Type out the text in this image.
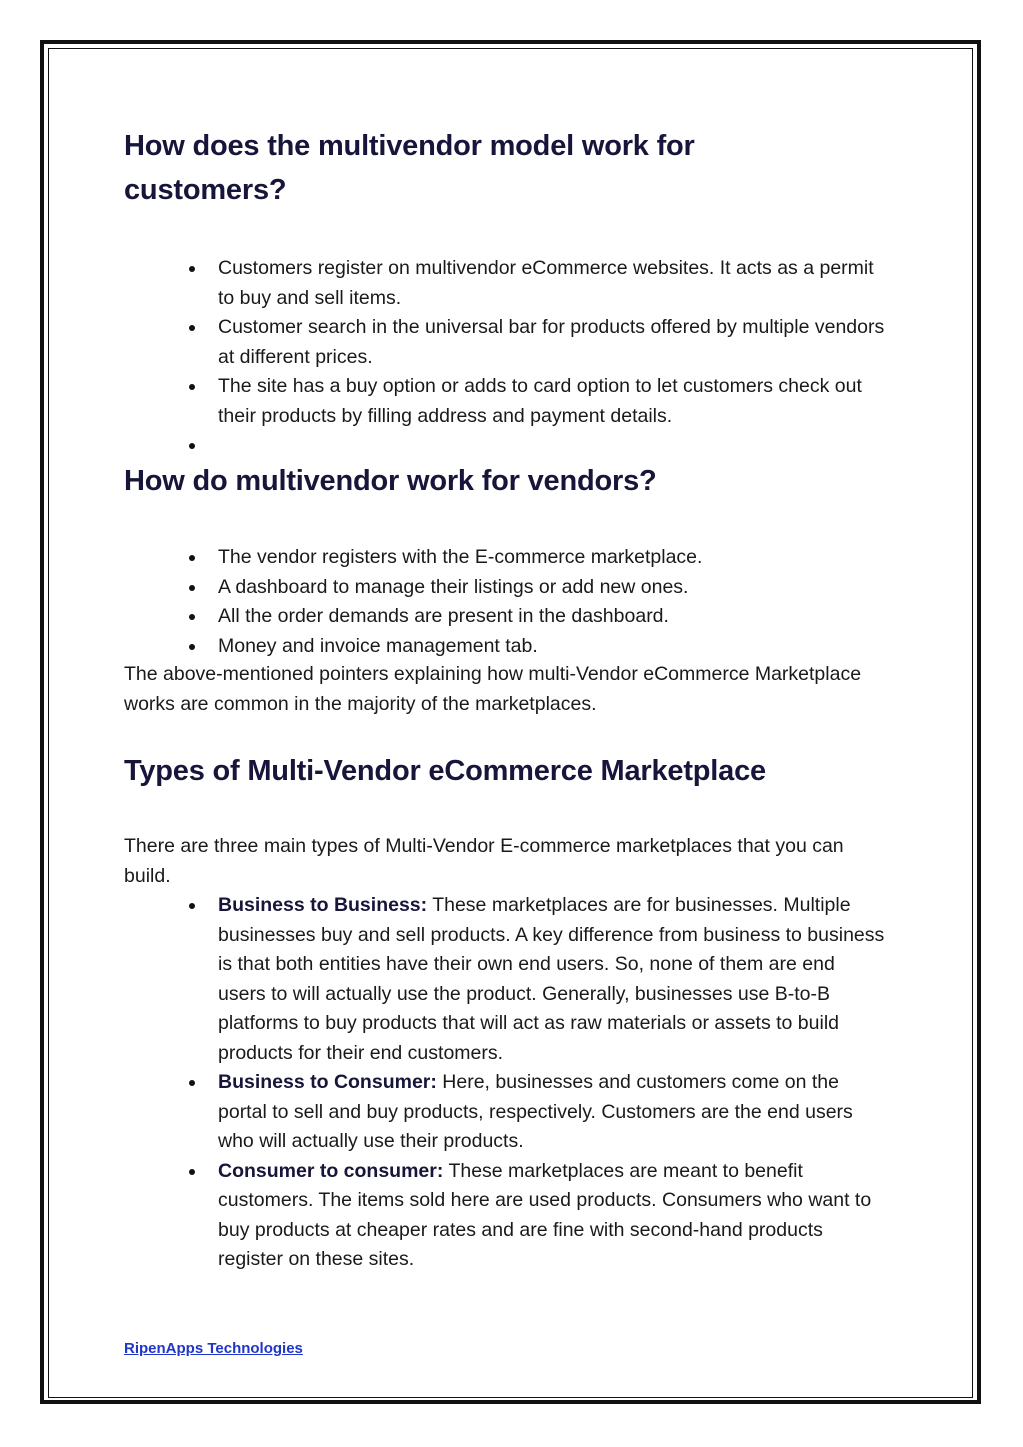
How does the multivendor model work for customers?
Customers register on multivendor eCommerce websites. It acts as a permit to buy and sell items.
Customer search in the universal bar for products offered by multiple vendors at different prices.
The site has a buy option or adds to card option to let customers check out their products by filling address and payment details.
How do multivendor work for vendors?
The vendor registers with the E-commerce marketplace.
A dashboard to manage their listings or add new ones.
All the order demands are present in the dashboard.
Money and invoice management tab.

The above-mentioned pointers explaining how multi-Vendor eCommerce Marketplace works are common in the majority of the marketplaces.

Types of Multi-Vendor eCommerce Marketplace

There are three main types of Multi-Vendor E-commerce marketplaces that you can build.

Business to Business: These marketplaces are for businesses. Multiple businesses buy and sell products. A key difference from business to business is that both entities have their own end users. So, none of them are end users to will actually use the product. Generally, businesses use B-to-B platforms to buy products that will act as raw materials or assets to build products for their end customers.
Business to Consumer: Here, businesses and customers come on the portal to sell and buy products, respectively. Customers are the end users who will actually use their products.
Consumer to consumer: These marketplaces are meant to benefit customers. The items sold here are used products. Consumers who want to buy products at cheaper rates and are fine with second-hand products register on these sites.
RipenApps Technologies
